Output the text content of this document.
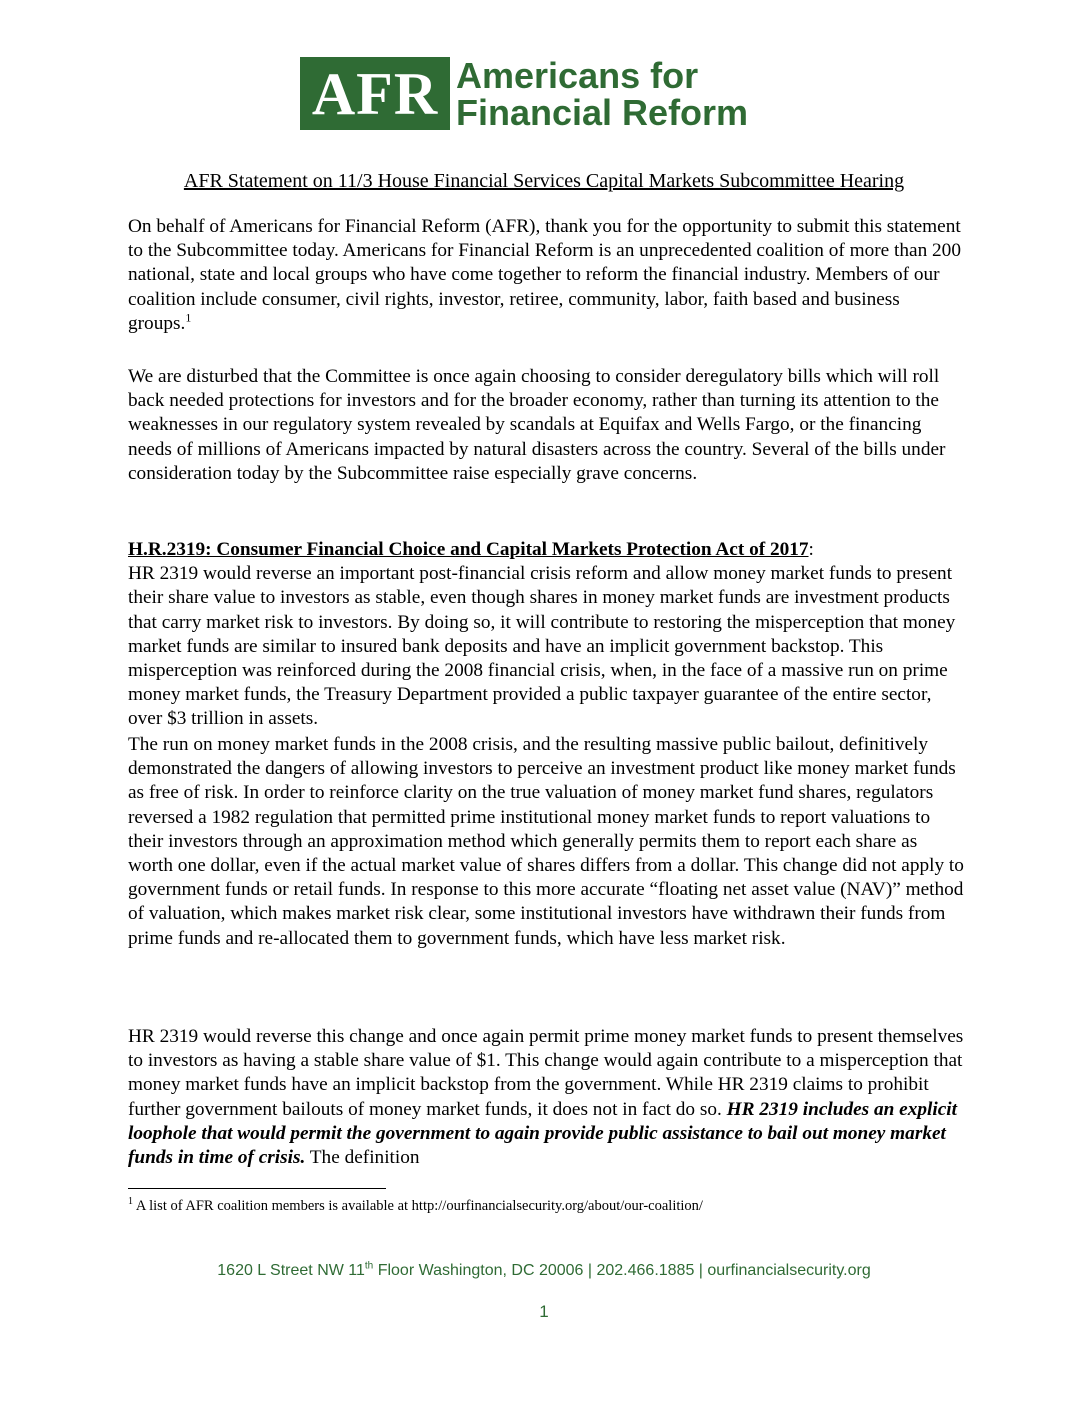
AFR Americans for
Financial Reform
AFR Statement on 11/3 House Financial Services Capital Markets Subcommittee Hearing

On behalf of Americans for Financial Reform (AFR), thank you for the opportunity to submit this statement to the Subcommittee today. Americans for Financial Reform is an unprecedented coalition of more than 200 national, state and local groups who have come together to reform the financial industry. Members of our coalition include consumer, civil rights, investor, retiree, community, labor, faith based and business groups.$^1$

We are disturbed that the Committee is once again choosing to consider deregulatory bills which will roll back needed protections for investors and for the broader economy, rather than turning its attention to the weaknesses in our regulatory system revealed by scandals at Equifax and Wells Fargo, or the financing needs of millions of Americans impacted by natural disasters across the country. Several of the bills under consideration today by the Subcommittee raise especially grave concerns.

H.R.2319: Consumer Financial Choice and Capital Markets Protection Act of 2017:
HR 2319 would reverse an important post-financial crisis reform and allow money market funds to present their share value to investors as stable, even though shares in money market funds are investment products that carry market risk to investors. By doing so, it will contribute to restoring the misperception that money market funds are similar to insured bank deposits and have an implicit government backstop. This misperception was reinforced during the 2008 financial crisis, when, in the face of a massive run on prime money market funds, the Treasury Department provided a public taxpayer guarantee of the entire sector, over $3 trillion in assets.

The run on money market funds in the 2008 crisis, and the resulting massive public bailout, definitively demonstrated the dangers of allowing investors to perceive an investment product like money market funds as free of risk. In order to reinforce clarity on the true valuation of money market fund shares, regulators reversed a 1982 regulation that permitted prime institutional money market funds to report valuations to their investors through an approximation method which generally permits them to report each share as worth one dollar, even if the actual market value of shares differs from a dollar. This change did not apply to government funds or retail funds. In response to this more accurate “floating net asset value (NAV)” method of valuation, which makes market risk clear, some institutional investors have withdrawn their funds from prime funds and re-allocated them to government funds, which have less market risk.

HR 2319 would reverse this change and once again permit prime money market funds to present themselves to investors as having a stable share value of $1. This change would again contribute to a misperception that money market funds have an implicit backstop from the government. While HR 2319 claims to prohibit further government bailouts of money market funds, it does not in fact do so. HR 2319 includes an explicit loophole that would permit the government to again provide public assistance to bail out money market funds in time of crisis. The definition

$^1$ A list of AFR coalition members is available at http://ourfinancialsecurity.org/about/our-coalition/
1620 L Street NW 11th Floor Washington, DC 20006 | 202.466.1885 | ourfinancialsecurity.org
1
